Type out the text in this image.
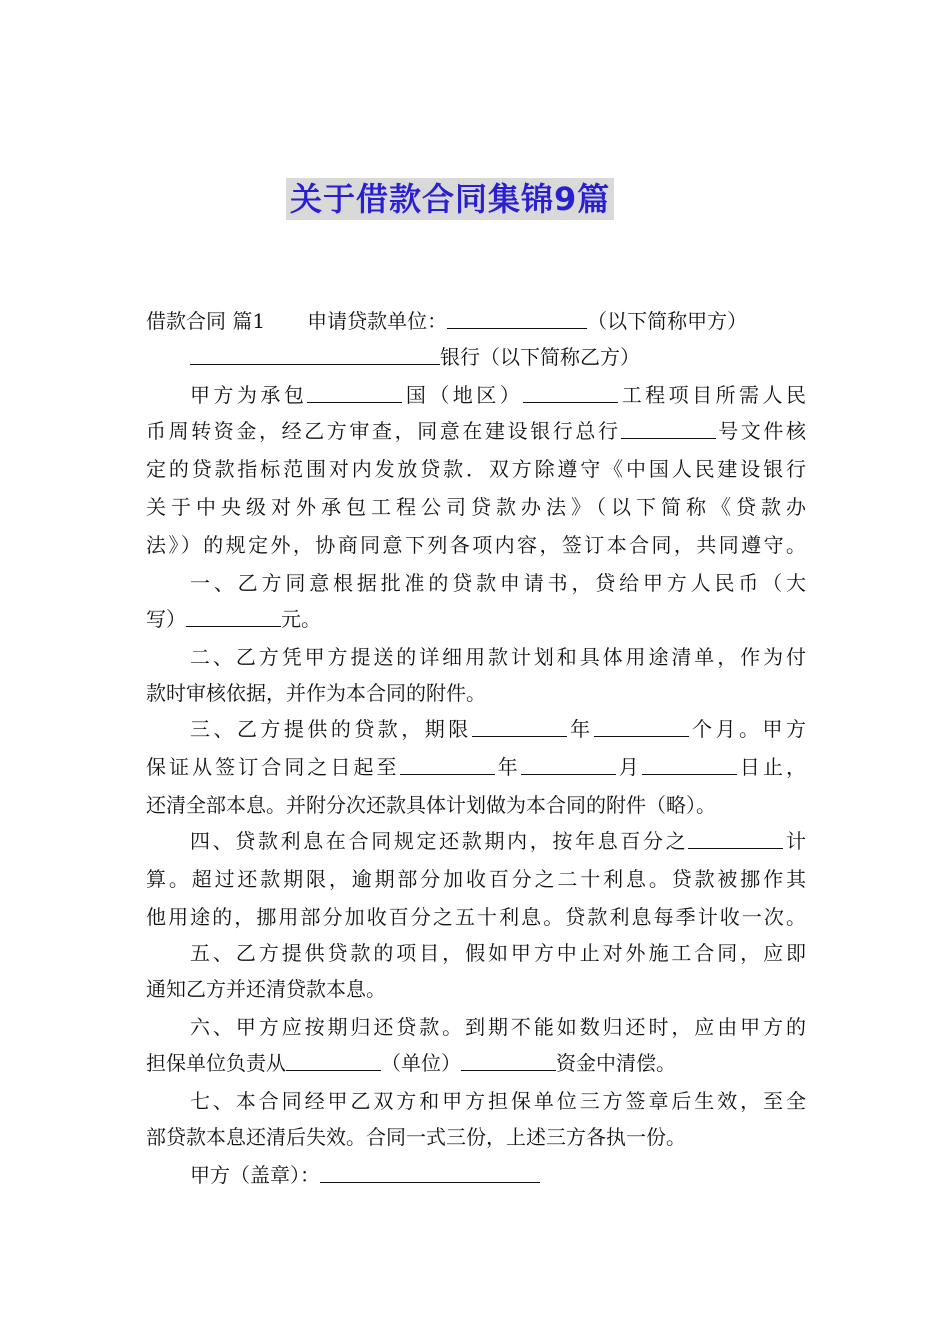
关于借款合同集锦9篇
借款合同 篇1 申请贷款单位：	（以下简称甲方）
银行（以下简称乙方）
甲方为承包	国（地区）	工程项目所需人民
币周转资金，经乙方审查，同意在建设银行总行	号文件核
定的贷款指标范围对内发放贷款．双方除遵守《中国人民建设银行
关于中央级对外承包工程公司贷款办法》（以下简称《贷款办
法》）的规定外，协商同意下列各项内容，签订本合同，共同遵守。
一、乙方同意根据批准的贷款申请书，贷给甲方人民币（大
写）	元。
二、乙方凭甲方提送的详细用款计划和具体用途清单，作为付
款时审核依据，并作为本合同的附件。
三、乙方提供的贷款，期限	年	个月。甲方
保证从签订合同之日起至	年	月	日止，
还清全部本息。并附分次还款具体计划做为本合同的附件（略）。
四、贷款利息在合同规定还款期内，按年息百分之	计
算。超过还款期限，逾期部分加收百分之二十利息。贷款被挪作其
他用途的，挪用部分加收百分之五十利息。贷款利息每季计收一次。
五、乙方提供贷款的项目，假如甲方中止对外施工合同，应即
通知乙方并还清贷款本息。
六、甲方应按期归还贷款。到期不能如数归还时，应由甲方的
担保单位负责从	（单位）	资金中清偿。
七、本合同经甲乙双方和甲方担保单位三方签章后生效，至全
部贷款本息还清后失效。合同一式三份，上述三方各执一份。
甲方（盖章）：
